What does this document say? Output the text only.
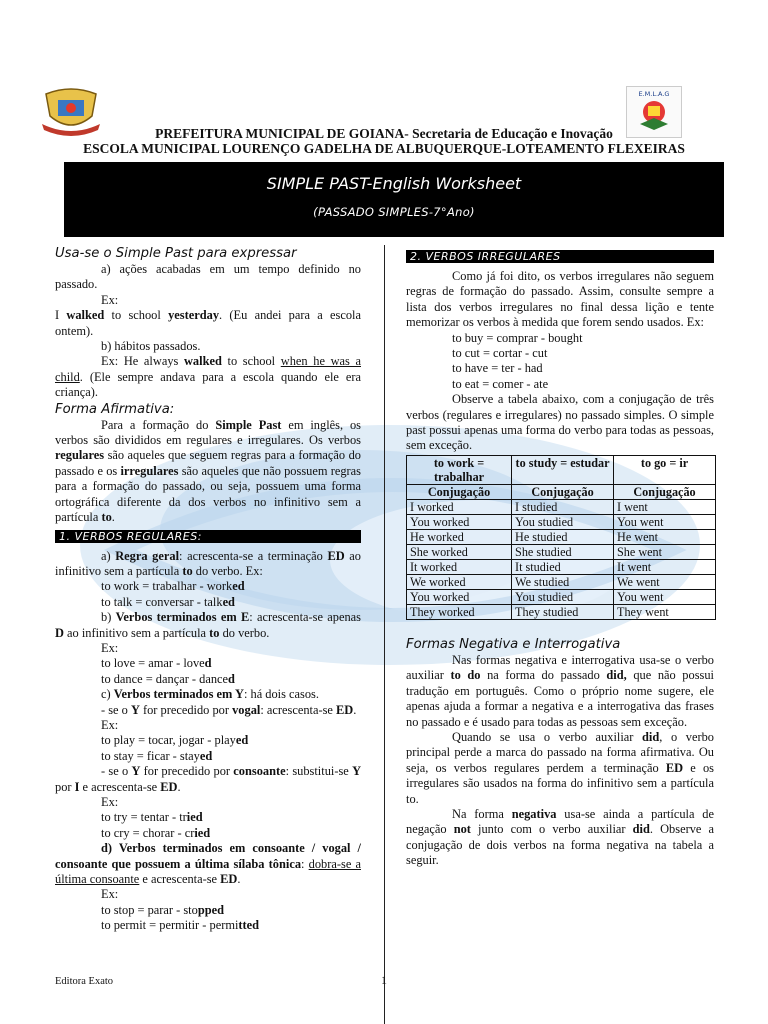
E.M.L.A.G
PREFEITURA MUNICIPAL DE GOIANA- Secretaria de Educação e Inovação
ESCOLA MUNICIPAL LOURENÇO GADELHA DE ALBUQUERQUE-LOTEAMENTO FLEXEIRAS
SIMPLE PAST-English Worksheet
(PASSADO SIMPLES-7°Ano)

Usa-se o Simple Past para expressar

a) ações acabadas em um tempo definido no passado.

Ex:

I walked to school yesterday. (Eu andei para a escola ontem).

b) hábitos passados.

Ex: He always walked to school when he was a child. (Ele sempre andava para a escola quando ele era criança).

Forma Afirmativa:

Para a formação do Simple Past em inglês, os verbos são divididos em regulares e irregulares. Os verbos regulares são aqueles que seguem regras para a formação do passado e os irregulares são aqueles que não possuem regras para a formação do passado, ou seja, possuem uma forma ortográfica diferente da dos verbos no infinitivo sem a partícula to.

1. VERBOS REGULARES:

a) Regra geral: acrescenta-se a terminação ED ao infinitivo sem a partícula to do verbo. Ex:

to work = trabalhar - worked

to talk = conversar - talked

b) Verbos terminados em E: acrescenta-se apenas D ao infinitivo sem a partícula to do verbo.

Ex:

to love = amar - loved

to dance = dançar - danced

c) Verbos terminados em Y: há dois casos.

- se o Y for precedido por vogal: acrescenta-se ED.

Ex:

to play = tocar, jogar - played

to stay = ficar - stayed

- se o Y for precedido por consoante: substitui-se Y por I e acrescenta-se ED.

Ex:

to try = tentar - tried

to cry = chorar - cried

d) Verbos terminados em consoante / vogal / consoante que possuem a última sílaba tônica: dobra-se a última consoante e acrescenta-se ED.

Ex:

to stop = parar - stopped

to permit = permitir - permitted

2. VERBOS IRREGULARES

Como já foi dito, os verbos irregulares não seguem regras de formação do passado. Assim, consulte sempre a lista dos verbos irregulares no final dessa lição e tente memorizar os verbos à medida que forem sendo usados. Ex:

to buy = comprar - bought

to cut = cortar - cut

to have = ter - had

to eat = comer - ate

Observe a tabela abaixo, com a conjugação de três verbos (regulares e irregulares) no passado simples. O simple past possui apenas uma forma do verbo para todas as pessoas, sem exceção.

to work = trabalhar	to study = estudar	to go = ir
Conjugação	Conjugação	Conjugação
I worked	I studied	I went
You worked	You studied	You went
He worked	He studied	He went
She worked	She studied	She went
It worked	It studied	It went
We worked	We studied	We went
You worked	You studied	You went
They worked	They studied	They went

Formas Negativa e Interrogativa

Nas formas negativa e interrogativa usa-se o verbo auxiliar to do na forma do passado did, que não possui tradução em português. Como o próprio nome sugere, ele apenas ajuda a formar a negativa e a interrogativa das frases no passado e é usado para todas as pessoas sem exceção.

Quando se usa o verbo auxiliar did, o verbo principal perde a marca do passado na forma afirmativa. Ou seja, os verbos regulares perdem a terminação ED e os irregulares são usados na forma do infinitivo sem a partícula to.

Na forma negativa usa-se ainda a partícula de negação not junto com o verbo auxiliar did. Observe a conjugação de dois verbos na forma negativa na tabela a seguir.

Editora Exato	1
